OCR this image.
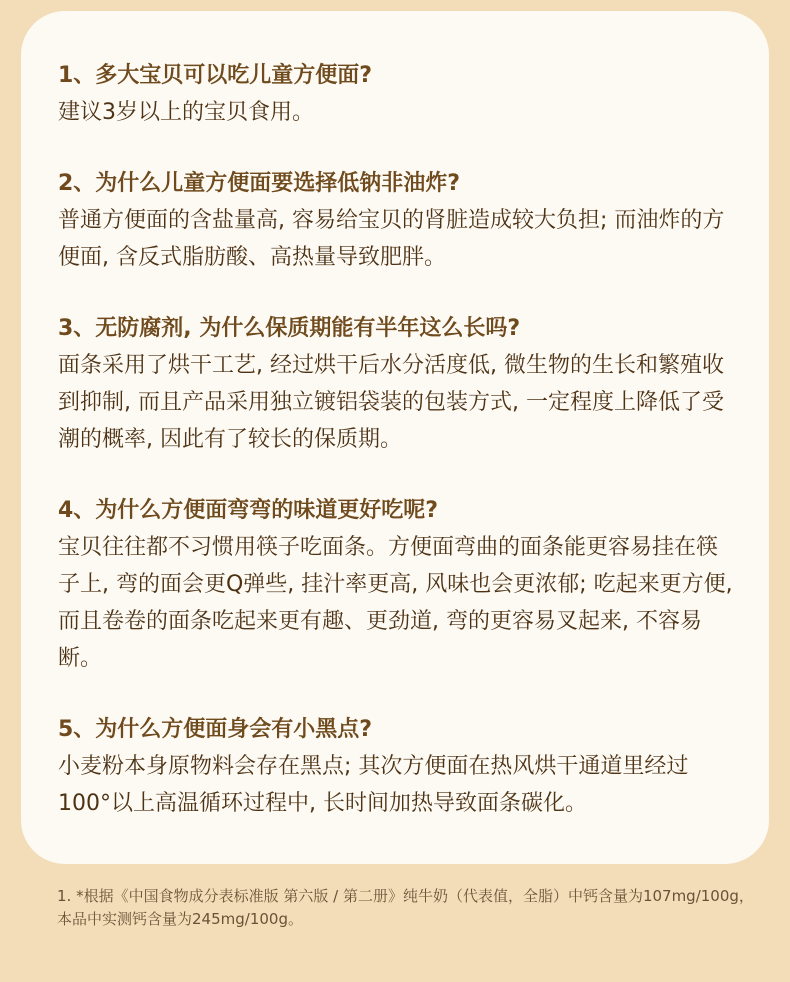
1、多大宝贝可以吃儿童方便面?

建议3岁以上的宝贝食用。

2、为什么儿童方便面要选择低钠非油炸?

普通方便面的含盐量高, 容易给宝贝的肾脏造成较大负担; 而油炸的方便面, 含反式脂肪酸、高热量导致肥胖。

3、无防腐剂, 为什么保质期能有半年这么长吗?

面条采用了烘干工艺, 经过烘干后水分活度低, 微生物的生长和繁殖收到抑制, 而且产品采用独立镀铝袋装的包装方式, 一定程度上降低了受潮的概率, 因此有了较长的保质期。

4、为什么方便面弯弯的味道更好吃呢?

宝贝往往都不习惯用筷子吃面条。方便面弯曲的面条能更容易挂在筷子上, 弯的面会更Q弹些, 挂汁率更高, 风味也会更浓郁; 吃起来更方便, 而且卷卷的面条吃起来更有趣、更劲道, 弯的更容易叉起来, 不容易断。

5、为什么方便面身会有小黑点?

小麦粉本身原物料会存在黑点; 其次方便面在热风烘干通道里经过100°以上高温循环过程中, 长时间加热导致面条碳化。

1. *根据《中国食物成分表标准版 第六版 / 第二册》纯牛奶（代表值，全脂）中钙含量为107mg/100g，本品中实测钙含量为245mg/100g。
